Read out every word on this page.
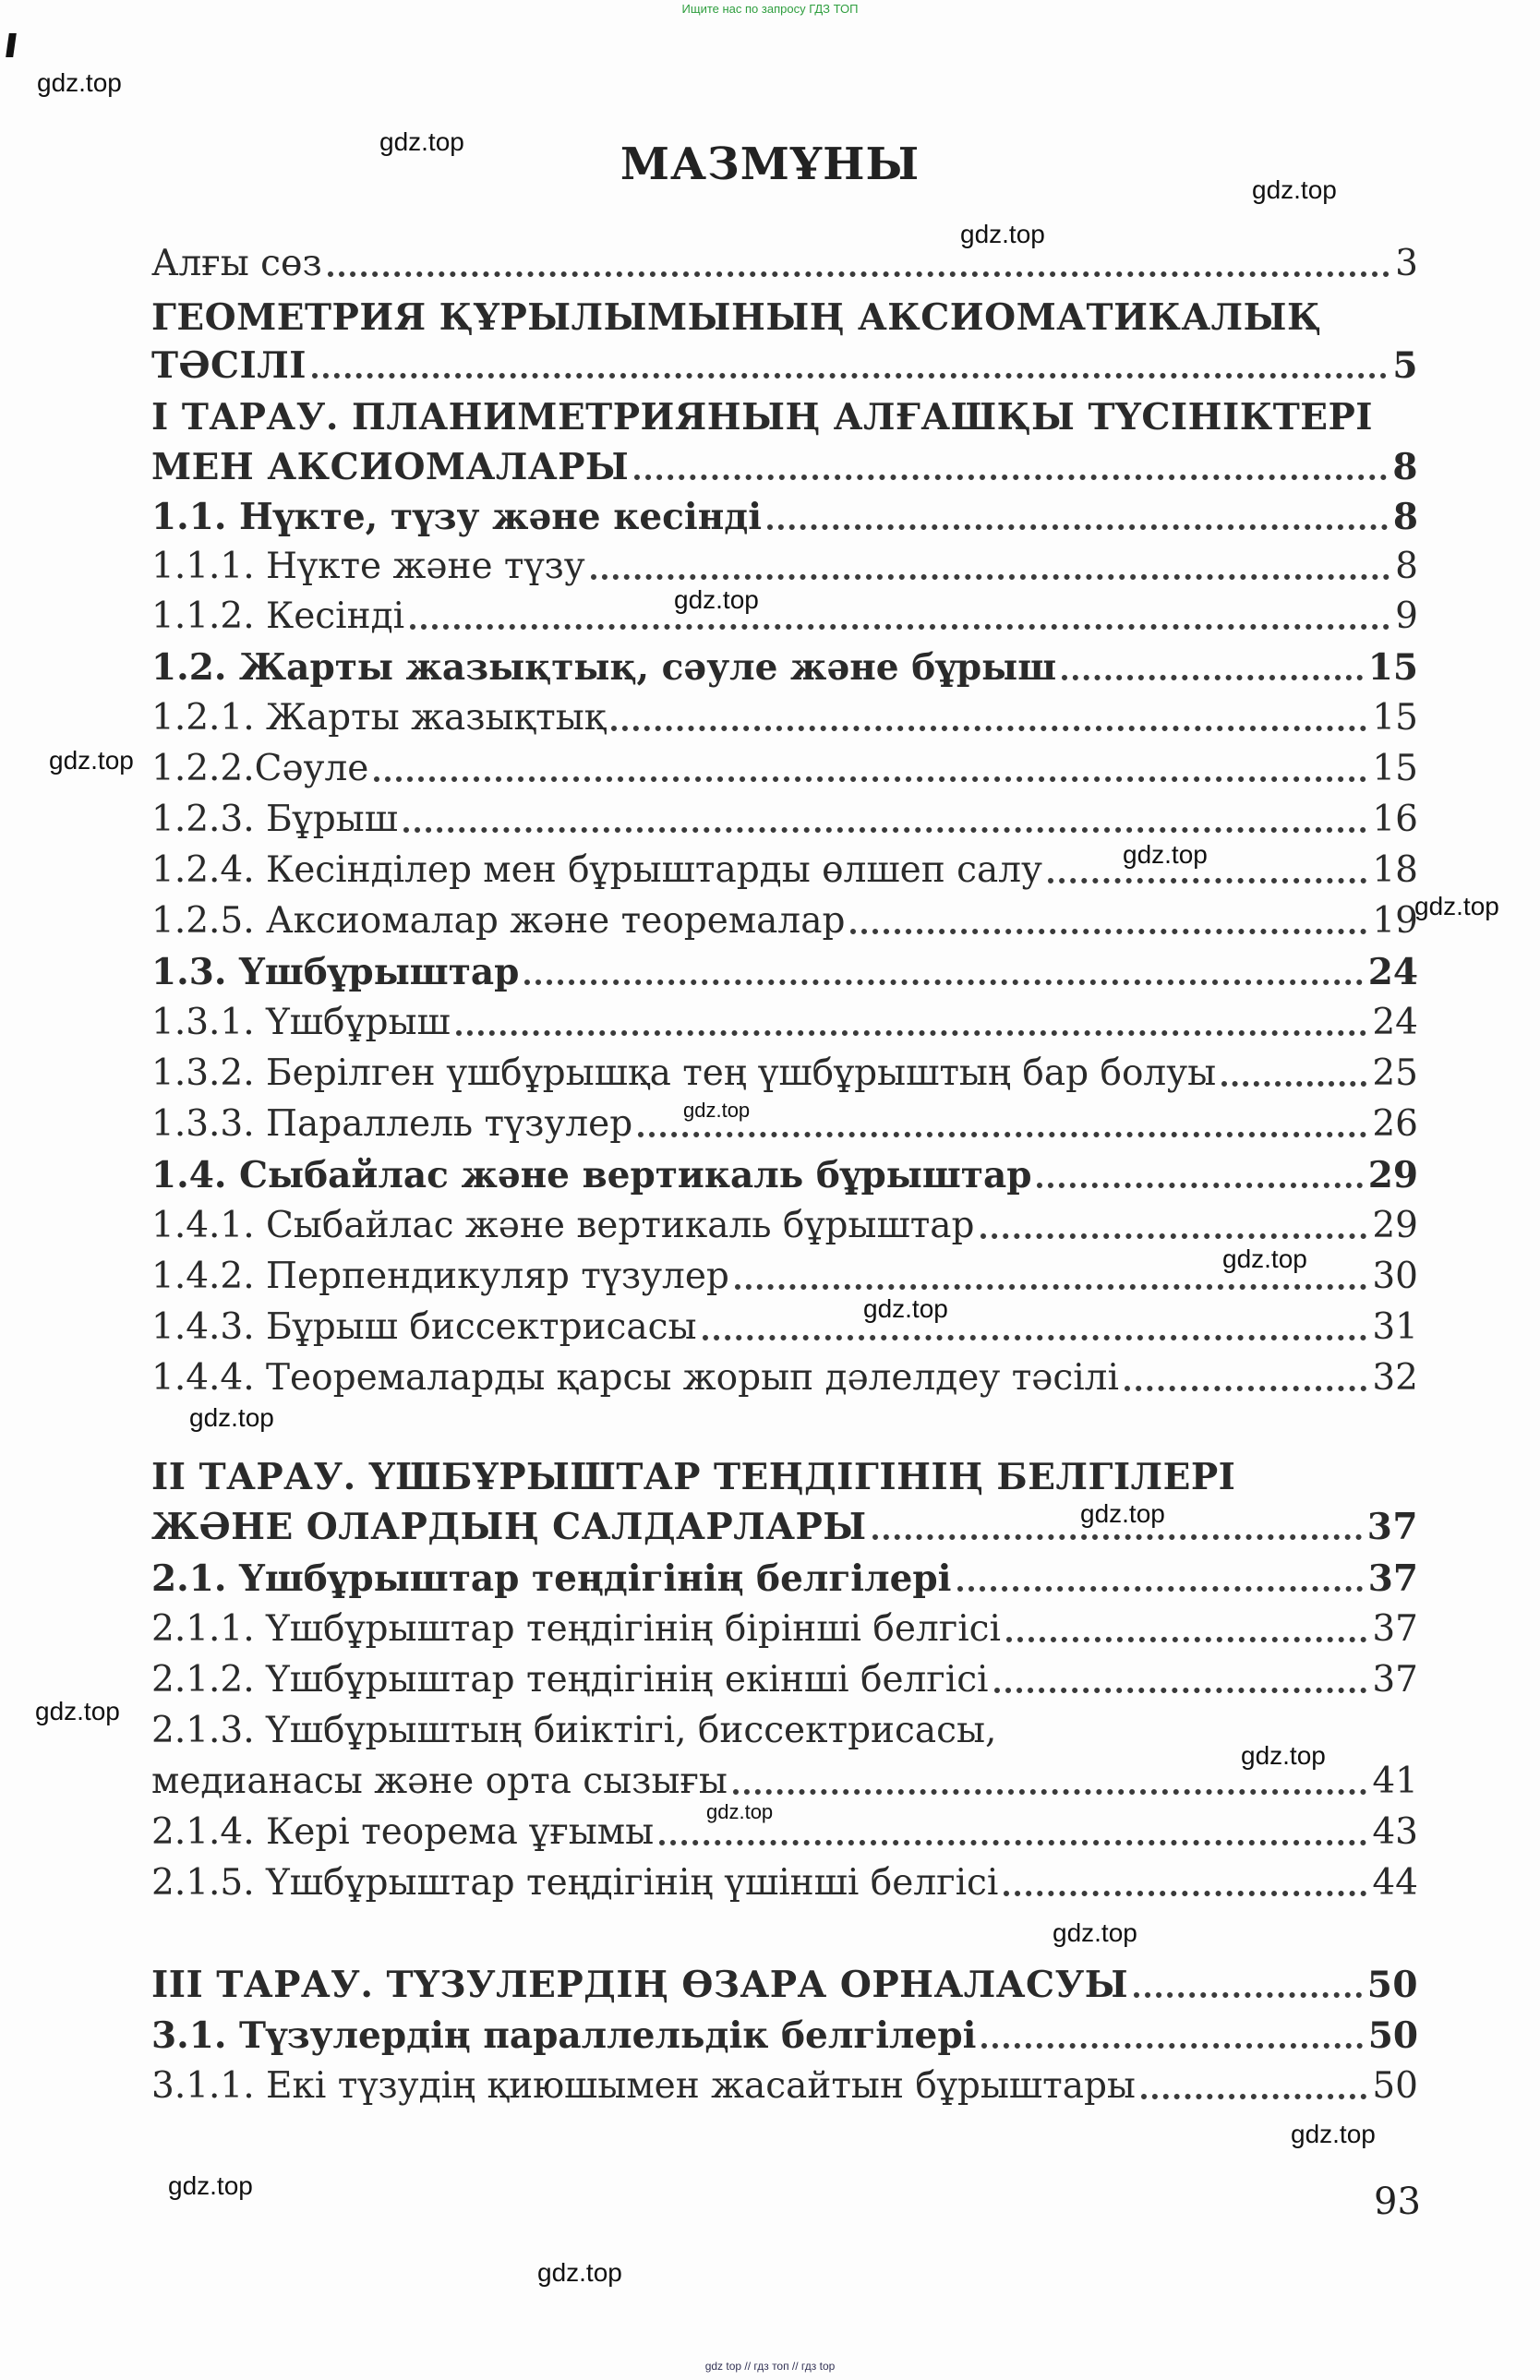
Ищите нас по запросу ГДЗ ТОП
МАЗМҰНЫ
Алғы сөз	3
ГЕОМЕТРИЯ ҚҰРЫЛЫМЫНЫҢ АКСИОМАТИКАЛЫҚ
ТӘСІЛІ	5
І ТАРАУ. ПЛАНИМЕТРИЯНЫҢ АЛҒАШҚЫ ТҮСІНІКТЕРІ
МЕН АКСИОМАЛАРЫ	8
1.1. Нүкте, түзу және кесінді	8
1.1.1. Нүкте және түзу	8
1.1.2. Кесінді	9
1.2. Жарты жазықтық, сәуле және бұрыш	15
1.2.1. Жарты жазықтық	15
1.2.2.Сәуле	15
1.2.3. Бұрыш	16
1.2.4. Кесінділер мен бұрыштарды өлшеп салу	18
1.2.5. Аксиомалар және теоремалар	19
1.3. Үшбұрыштар	24
1.3.1. Үшбұрыш	24
1.3.2. Берілген үшбұрышқа тең үшбұрыштың бар болуы	25
1.3.3. Параллель түзулер	26
1.4. Сыбайлас және вертикаль бұрыштар	29
1.4.1. Сыбайлас және вертикаль бұрыштар	29
1.4.2. Перпендикуляр түзулер	30
1.4.3. Бұрыш биссектрисасы	31
1.4.4. Теоремаларды қарсы жорып дәлелдеу тәсілі	32
II ТАРАУ. ҮШБҰРЫШТАР ТЕҢДІГІНІҢ БЕЛГІЛЕРІ
ЖӘНЕ ОЛАРДЫҢ САЛДАРЛАРЫ	37
2.1. Үшбұрыштар теңдігінің белгілері	37
2.1.1. Үшбұрыштар теңдігінің бірінші белгісі	37
2.1.2. Үшбұрыштар теңдігінің екінші белгісі	37
2.1.3. Үшбұрыштың биіктігі, биссектрисасы,
медианасы және орта сызығы	41
2.1.4. Кері теорема ұғымы	43
2.1.5. Үшбұрыштар теңдігінің үшінші белгісі	44
III ТАРАУ. ТҮЗУЛЕРДІҢ ӨЗАРА ОРНАЛАСУЫ	50
3.1. Түзулердің параллельдік белгілері	50
3.1.1. Екі түзудің қиюшымен жасайтын бұрыштары	50
93
gdz.top
gdz.top
gdz.top
gdz.top
gdz.top
gdz.top
gdz.top
gdz.top
gdz.top
gdz.top
gdz.top
gdz.top
gdz.top
gdz.top
gdz.top
gdz.top
gdz.top
gdz.top
gdz.top
gdz.top
gdz top // гдз топ // гдз top
